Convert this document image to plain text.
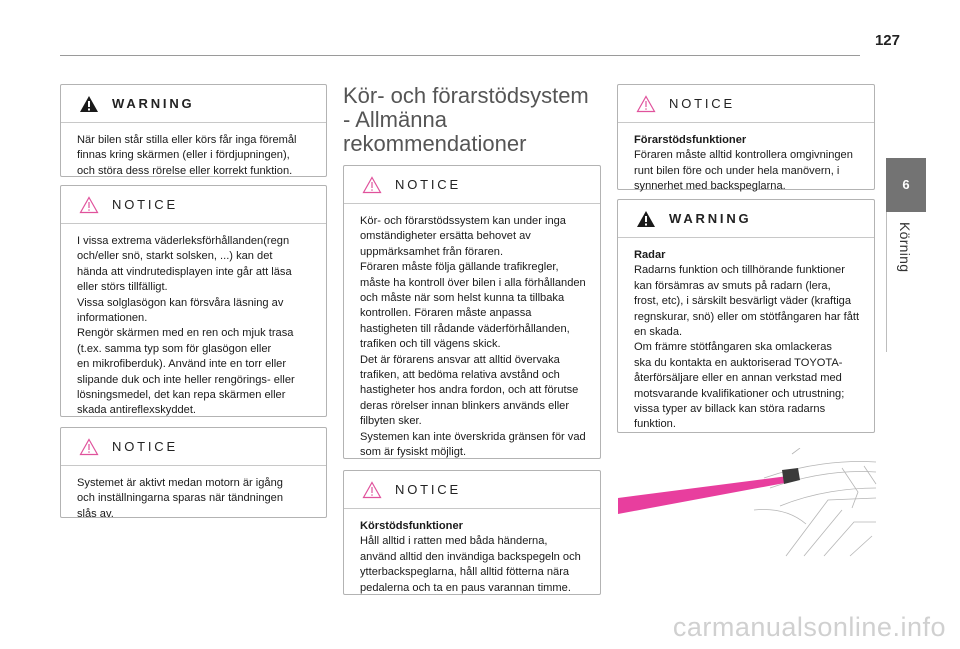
127
6
Körning
WARNING

När bilen står stilla eller körs får inga föremål

finnas kring skärmen (eller i fördjupningen),

och störa dess rörelse eller korrekt funktion.

NOTICE

I vissa extrema väderleksförhållanden(regn

och/eller snö, starkt solsken, ...) kan det

hända att vindrutedisplayen inte går att läsa

eller störs tillfälligt.

Vissa solglasögon kan försvåra läsning av

informationen.

Rengör skärmen med en ren och mjuk trasa

(t.ex. samma typ som för glasögon eller

en mikrofiberduk). Använd inte en torr eller

slipande duk och inte heller rengörings- eller

lösningsmedel, det kan repa skärmen eller

skada antireflexskyddet.

NOTICE

Systemet är aktivt medan motorn är igång

och inställningarna sparas när tändningen

slås av.

Kör- och förarstödsystem
- Allmänna
rekommendationer
NOTICE

Kör- och förarstödssystem kan under inga

omständigheter ersätta behovet av

uppmärksamhet från föraren.

Föraren måste följa gällande trafikregler,

måste ha kontroll över bilen i alla förhållanden

och måste när som helst kunna ta tillbaka

kontrollen. Föraren måste anpassa

hastigheten till rådande väderförhållanden,

trafiken och till vägens skick.

Det är förarens ansvar att alltid övervaka

trafiken, att bedöma relativa avstånd och

hastigheter hos andra fordon, och att förutse

deras rörelser innan blinkers används eller

filbyten sker.

Systemen kan inte överskrida gränsen för vad

som är fysiskt möjligt.

NOTICE

Körstödsfunktioner

Håll alltid i ratten med båda händerna,

använd alltid den invändiga backspegeln och

ytterbackspeglarna, håll alltid fötterna nära

pedalerna och ta en paus varannan timme.

NOTICE

Förarstödsfunktioner

Föraren måste alltid kontrollera omgivningen

runt bilen före och under hela manövern, i

synnerhet med backspeglarna.

WARNING

Radar

Radarns funktion och tillhörande funktioner

kan försämras av smuts på radarn (lera,

frost, etc), i särskilt besvärligt väder (kraftiga

regnskurar, snö) eller om stötfångaren har fått

en skada.

Om främre stötfångaren ska omlackeras

ska du kontakta en auktoriserad TOYOTA-

återförsäljare eller en annan verkstad med

motsvarande kvalifikationer och utrustning;

vissa typer av billack kan störa radarns

funktion.

carmanualsonline.info
